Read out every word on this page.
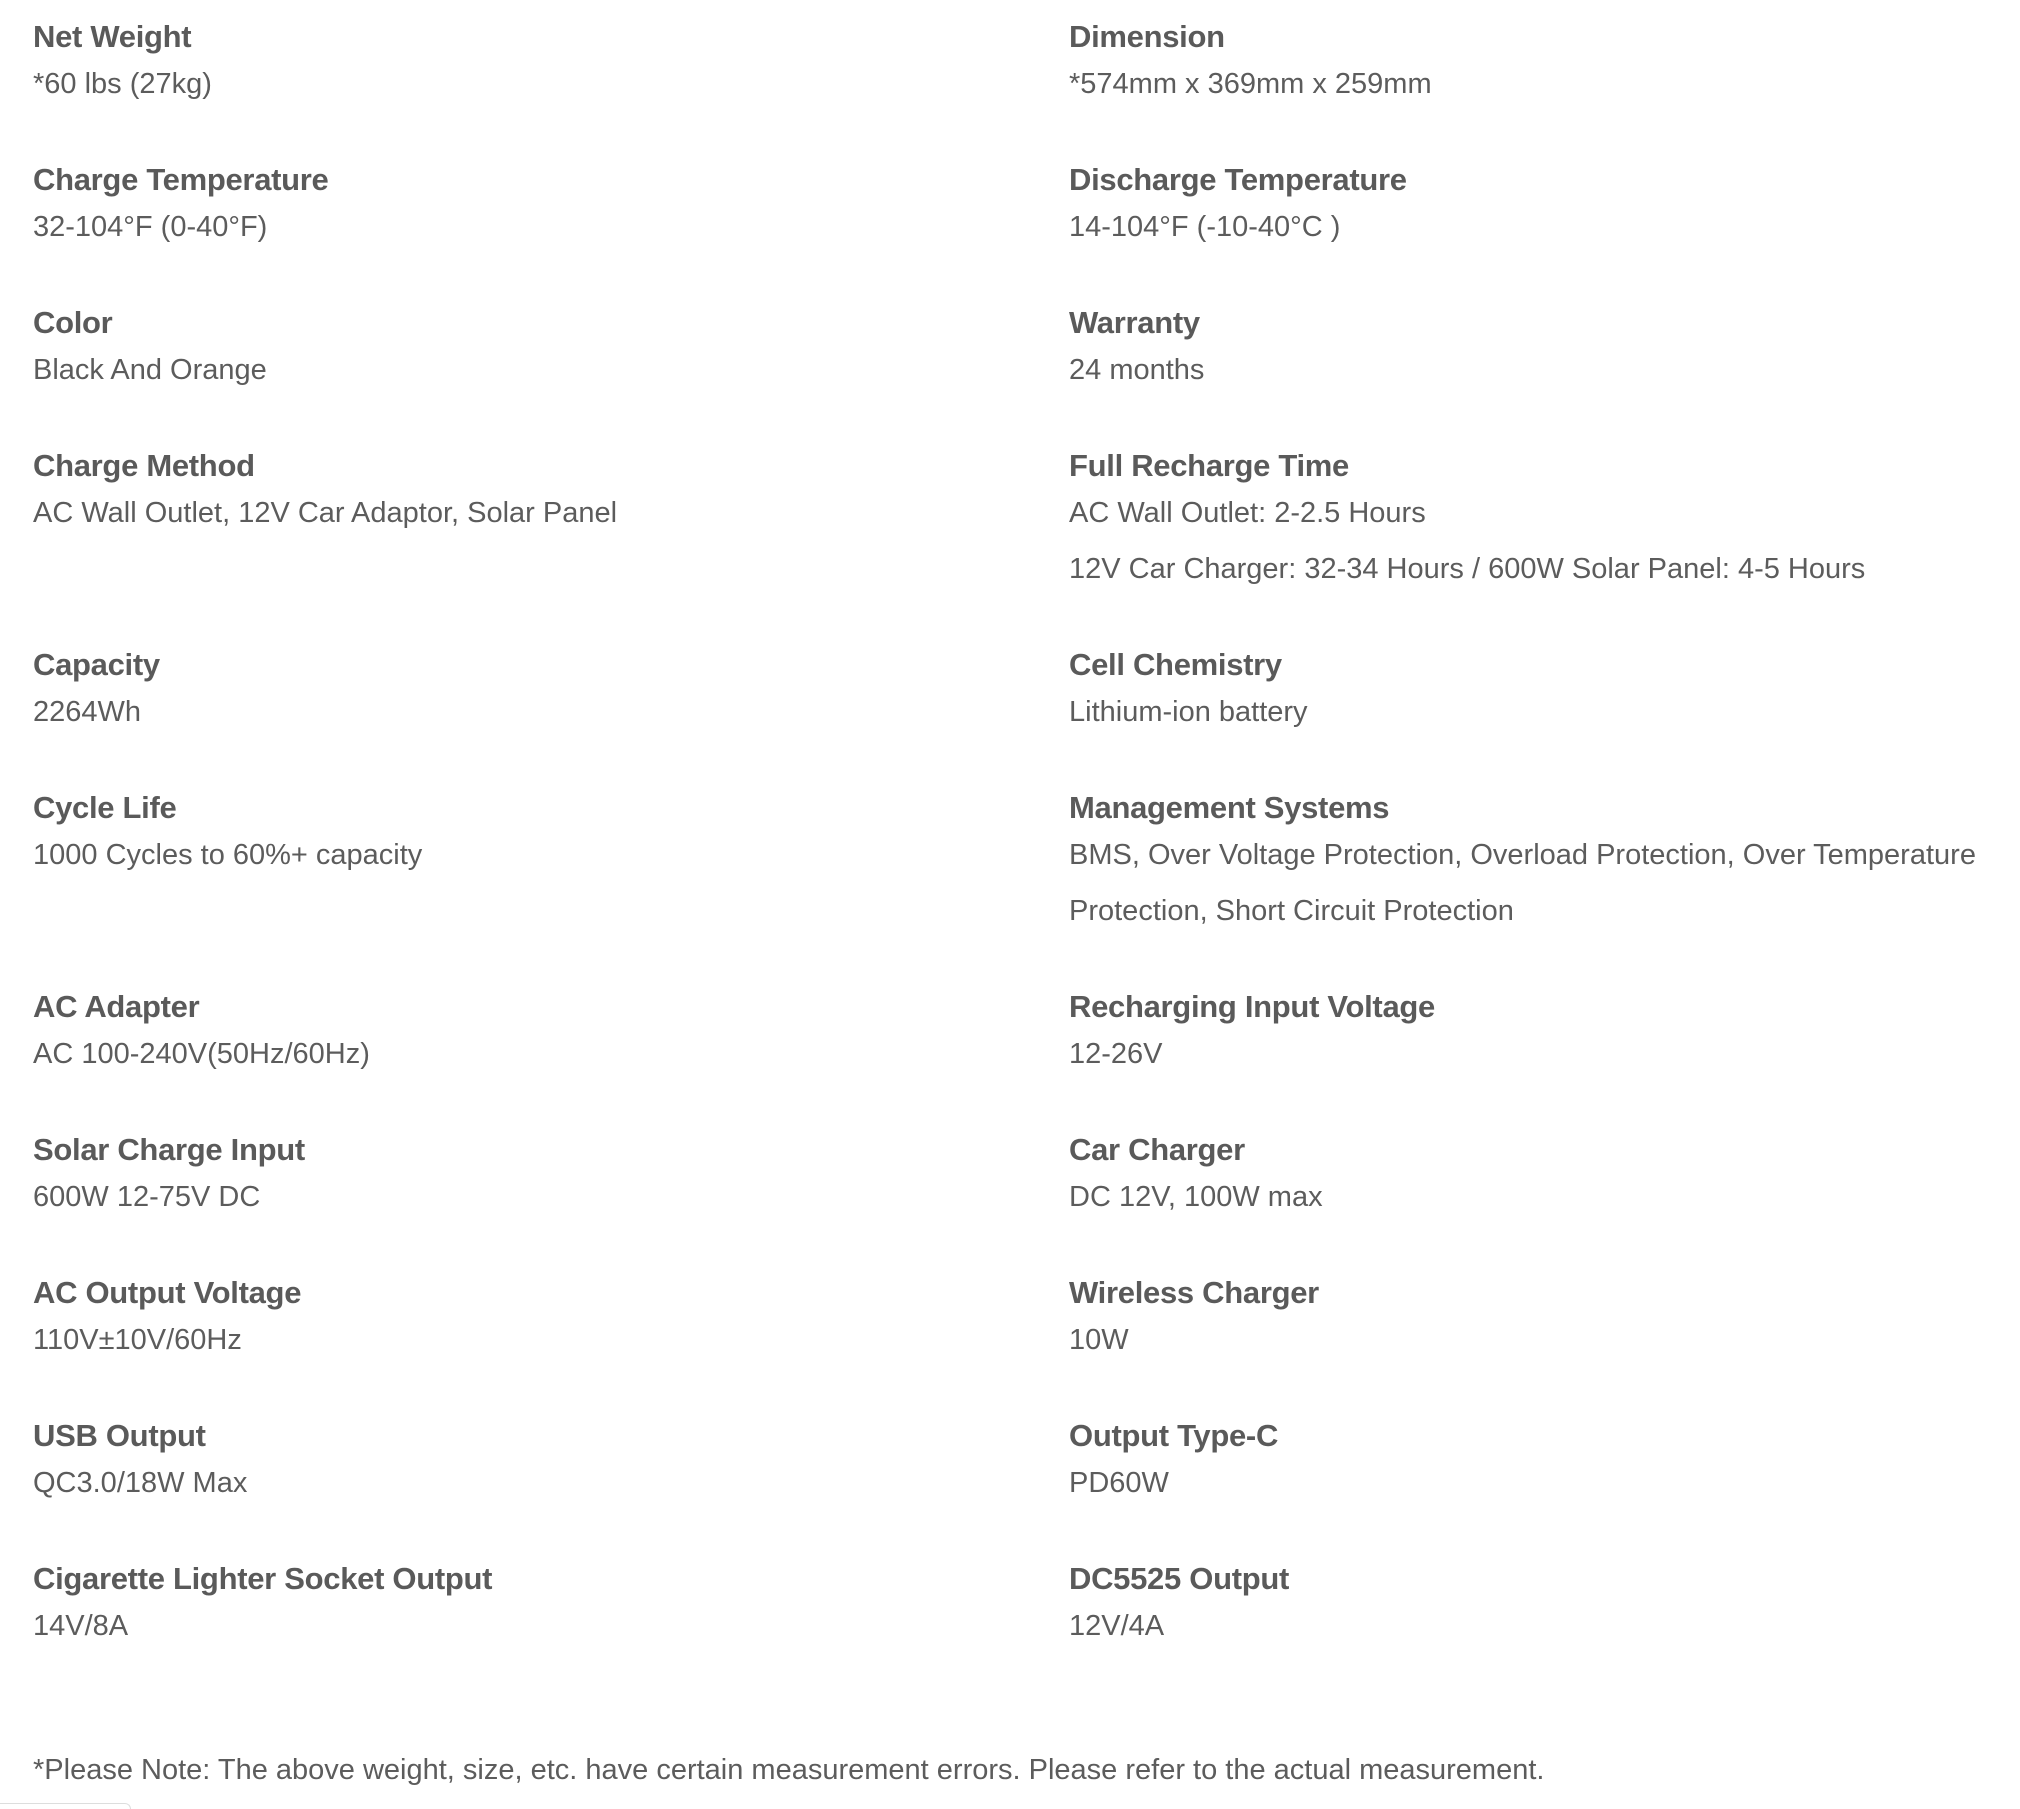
Net Weight
*60 lbs (27kg)
Dimension
*574mm x 369mm x 259mm
Charge Temperature
32-104°F (0-40°F)
Discharge Temperature
14-104°F (-10-40°C )
Color
Black And Orange
Warranty
24 months
Charge Method
AC Wall Outlet, 12V Car Adaptor, Solar Panel
Full Recharge Time
AC Wall Outlet: 2-2.5 Hours
12V Car Charger: 32-34 Hours / 600W Solar Panel: 4-5 Hours
Capacity
2264Wh
Cell Chemistry
Lithium-ion battery
Cycle Life
1000 Cycles to 60%+ capacity
Management Systems
BMS, Over Voltage Protection, Overload Protection, Over Temperature
Protection, Short Circuit Protection
AC Adapter
AC 100-240V(50Hz/60Hz)
Recharging Input Voltage
12-26V
Solar Charge Input
600W 12-75V DC
Car Charger
DC 12V, 100W max
AC Output Voltage
110V±10V/60Hz
Wireless Charger
10W
USB Output
QC3.0/18W Max
Output Type-C
PD60W
Cigarette Lighter Socket Output
14V/8A
DC5525 Output
12V/4A
*Please Note: The above weight, size, etc. have certain measurement errors. Please refer to the actual measurement.
